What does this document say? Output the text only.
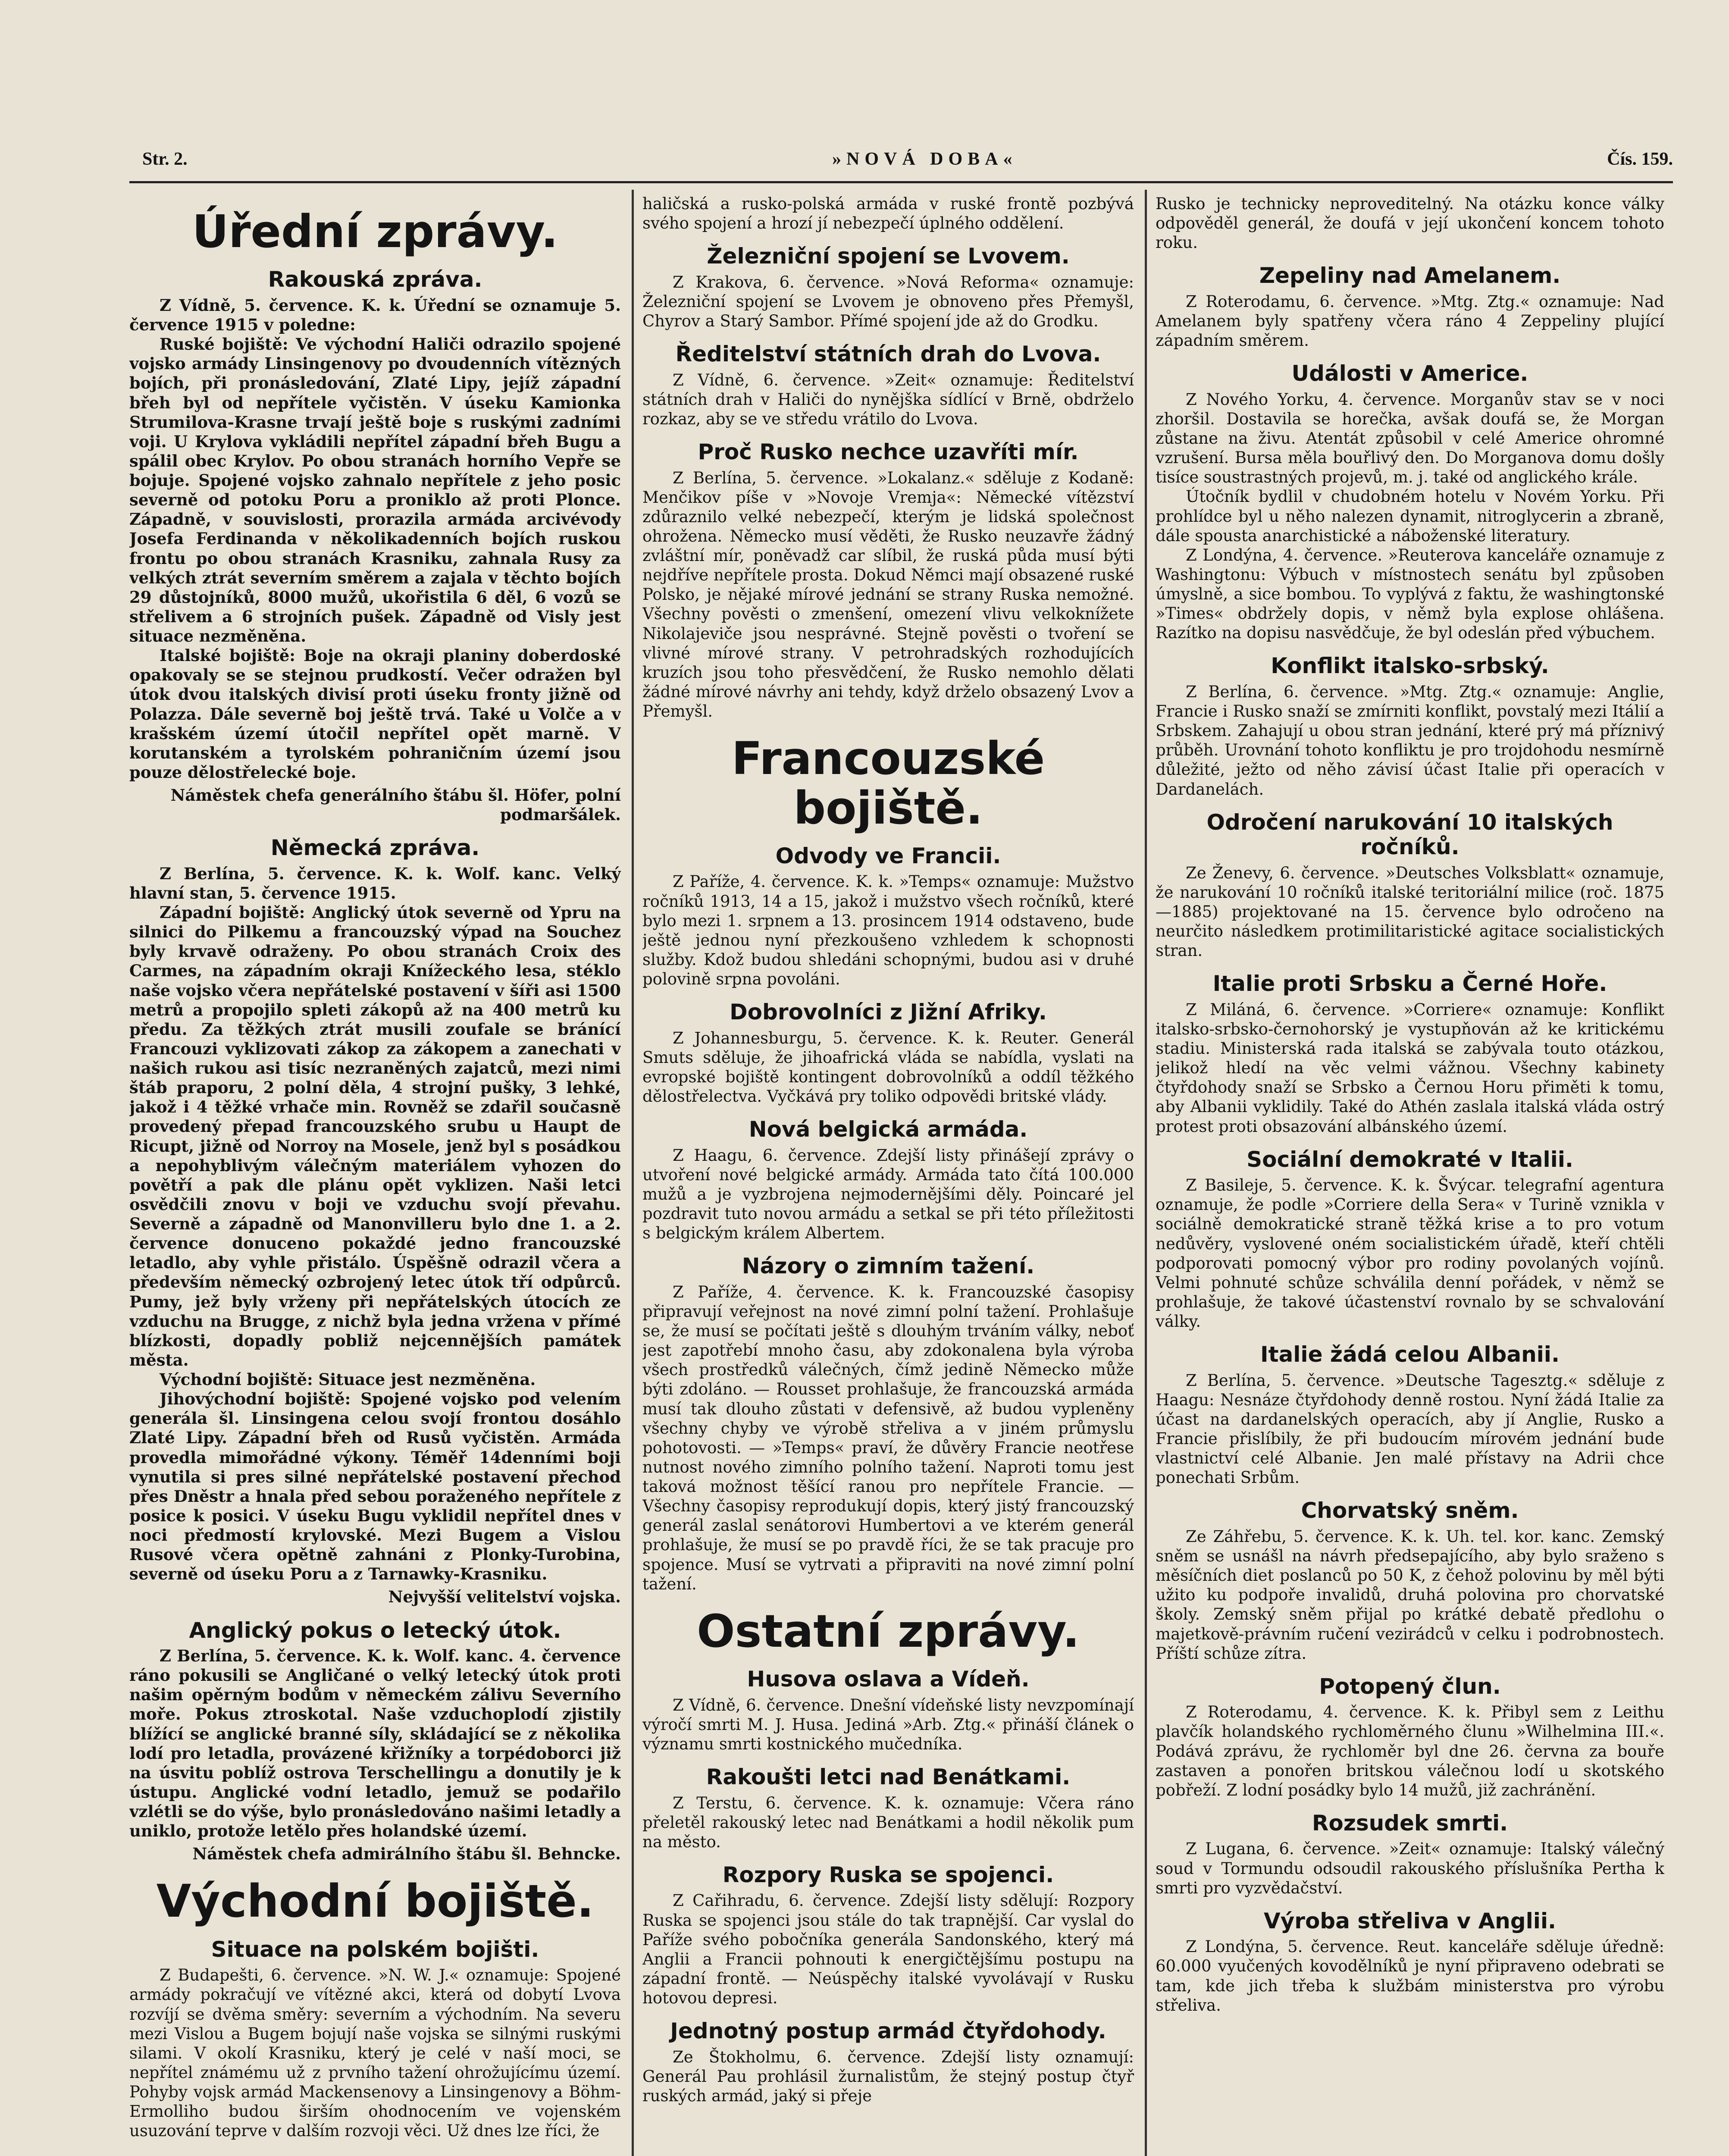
Str. 2.	»NOVÁ DOBA«	Čís. 159.
Úřední zprávy.
Rakouská zpráva.

Z Vídně, 5. července. K. k. Úřední se oznamuje 5. července 1915 v poledne:

Ruské bojiště: Ve východní Haliči odrazilo spojené vojsko armády Linsingenovy po dvoudenních vítězných bojích, při pronásledování, Zlaté Lipy, jejíž západní břeh byl od nepřítele vyčistěn. V úseku Kamionka Strumilova-Krasne trvají ještě boje s ruskými zadními voji. U Krylova vykládili nepřítel západní břeh Bugu a spálil obec Krylov. Po obou stranách horního Vepře se bojuje. Spojené vojsko zahnalo nepřítele z jeho posic severně od potoku Poru a proniklo až proti Plonce. Západně, v souvislosti, prorazila armáda arcivévody Josefa Ferdinanda v několikadenních bojích ruskou frontu po obou stranách Krasniku, zahnala Rusy za velkých ztrát severním směrem a zajala v těchto bojích 29 důstojníků, 8000 mužů, ukořistila 6 děl, 6 vozů se střelivem a 6 strojních pušek. Západně od Visly jest situace nezměněna.

Italské bojiště: Boje na okraji planiny doberdoské opakovaly se se stejnou prudkostí. Večer odražen byl útok dvou italských divisí proti úseku fronty jižně od Polazza. Dále severně boj ještě trvá. Také u Volče a v krašském území útočil nepřítel opět marně. V korutanském a tyrolském pohraničním území jsou pouze dělostřelecké boje.

Náměstek chefa generálního štábu šl. Höfer, polní podmaršálek.
Německá zpráva.

Z Berlína, 5. července. K. k. Wolf. kanc. Velký hlavní stan, 5. července 1915.

Západní bojiště: Anglický útok severně od Ypru na silnici do Pilkemu a francouzský výpad na Souchez byly krvavě odraženy. Po obou stranách Croix des Carmes, na západním okraji Knížeckého lesa, stéklo naše vojsko včera nepřátelské postavení v šíři asi 1500 metrů a propojilo spleti zákopů až na 400 metrů ku předu. Za těžkých ztrát musili zoufale se bránící Francouzi vyklizovati zákop za zákopem a zanechati v našich rukou asi tisíc nezraněných zajatců, mezi nimi štáb praporu, 2 polní děla, 4 strojní pušky, 3 lehké, jakož i 4 těžké vrhače min. Rovněž se zdařil současně provedený přepad francouzského srubu u Haupt de Ricupt, jižně od Norroy na Mosele, jenž byl s posádkou a nepohyblivým válečným materiálem vyhozen do povětří a pak dle plánu opět vyklizen. Naši letci osvědčili znovu v boji ve vzduchu svojí převahu. Severně a západně od Manonvilleru bylo dne 1. a 2. července donuceno pokaždé jedno francouzské letadlo, aby vyhle přistálo. Úspěšně odrazil včera a především německý ozbrojený letec útok tří odpůrců. Pumy, jež byly vrženy při nepřátelských útocích ze vzduchu na Brugge, z nichž byla jedna vržena v přímé blízkosti, dopadly pobliž nejcennějších památek města.

Východní bojiště: Situace jest nezměněna.

Jihovýchodní bojiště: Spojené vojsko pod velením generála šl. Linsingena celou svojí frontou dosáhlo Zlaté Lipy. Západní břeh od Rusů vyčistěn. Armáda provedla mimořádné výkony. Téměř 14denními boji vynutila si pres silné nepřátelské postavení přechod přes Dněstr a hnala před sebou poraženého nepřítele z posice k posici. V úseku Bugu vyklidil nepřítel dnes v noci předmostí krylovské. Mezi Bugem a Vislou Rusové včera opětně zahnáni z Plonky-Turobina, severně od úseku Poru a z Tarnawky-Krasniku.

Nejvyšší velitelství vojska.
Anglický pokus o letecký útok.

Z Berlína, 5. července. K. k. Wolf. kanc. 4. července ráno pokusili se Angličané o velký letecký útok proti našim opěrným bodům v německém zálivu Severního moře. Pokus ztroskotal. Naše vzduchoplodí zjistily blížící se anglické branné síly, skládající se z několika lodí pro letadla, provázené křižníky a torpédoborci již na úsvitu poblíž ostrova Terschellingu a donutily je k ústupu. Anglické vodní letadlo, jemuž se podařilo vzlétli se do výše, bylo pronásledováno našimi letadly a uniklo, protože letělo přes holandské území.

Náměstek chefa admirálního štábu šl. Behncke.
Východní bojiště.
Situace na polském bojišti.

Z Budapešti, 6. července. »N. W. J.« oznamuje: Spojené armády pokračují ve vítězné akci, která od dobytí Lvova rozvíjí se dvěma směry: severním a východním. Na severu mezi Vislou a Bugem bojují naše vojska se silnými ruskými silami. V okolí Krasniku, který je celé v naší moci, se nepřítel známému už z prvního tažení ohrožujícímu území. Pohyby vojsk armád Mackensenovy a Linsingenovy a Böhm-Ermolliho budou širším ohodnocením ve vojenském usuzování teprve v dalším rozvoji věci. Už dnes lze říci, že

haličská a rusko-polská armáda v ruské frontě pozbývá svého spojení a hrozí jí nebezpečí úplného oddělení.

Železniční spojení se Lvovem.

Z Krakova, 6. července. »Nová Reforma« oznamuje: Železniční spojení se Lvovem je obnoveno přes Přemyšl, Chyrov a Starý Sambor. Přímé spojení jde až do Grodku.

Ředitelství státních drah do Lvova.

Z Vídně, 6. července. »Zeit« oznamuje: Ředitelství státních drah v Haliči do nynějška sídlící v Brně, obdrželo rozkaz, aby se ve středu vrátilo do Lvova.

Proč Rusko nechce uzavříti mír.

Z Berlína, 5. července. »Lokalanz.« sděluje z Kodaně: Menčikov píše v »Novoje Vremja«: Německé vítězství zdůraznilo velké nebezpečí, kterým je lidská společnost ohrožena. Německo musí věděti, že Rusko neuzavře žádný zvláštní mír, poněvadž car slíbil, že ruská půda musí býti nejdříve nepřítele prosta. Dokud Němci mají obsazené ruské Polsko, je nějaké mírové jednání se strany Ruska nemožné. Všechny pověsti o zmenšení, omezení vlivu velkoknížete Nikolajeviče jsou nesprávné. Stejně pověsti o tvoření se vlivné mírové strany. V petrohradských rozhodujících kruzích jsou toho přesvědčení, že Rusko nemohlo dělati žádné mírové návrhy ani tehdy, když drželo obsazený Lvov a Přemyšl.

Francouzské bojiště.
Odvody ve Francii.

Z Paříže, 4. července. K. k. »Temps« oznamuje: Mužstvo ročníků 1913, 14 a 15, jakož i mužstvo všech ročníků, které bylo mezi 1. srpnem a 13. prosincem 1914 odstaveno, bude ještě jednou nyní přezkoušeno vzhledem k schopnosti služby. Kdož budou shledáni schopnými, budou asi v druhé polovině srpna povoláni.

Dobrovolníci z Jižní Afriky.

Z Johannesburgu, 5. července. K. k. Reuter. Generál Smuts sděluje, že jihoafrická vláda se nabídla, vyslati na evropské bojiště kontingent dobrovolníků a oddíl těžkého dělostřelectva. Vyčkává pry toliko odpovědi britské vlády.

Nová belgická armáda.

Z Haagu, 6. července. Zdejší listy přinášejí zprávy o utvoření nové belgické armády. Armáda tato čítá 100.000 mužů a je vyzbrojena nejmodernějšími děly. Poincaré jel pozdravit tuto novou armádu a setkal se při této příležitosti s belgickým králem Albertem.

Názory o zimním tažení.

Z Paříže, 4. července. K. k. Francouzské časopisy připravují veřejnost na nové zimní polní tažení. Prohlašuje se, že musí se počítati ještě s dlouhým trváním války, neboť jest zapotřebí mnoho času, aby zdokonalena byla výroba všech prostředků válečných, čímž jedině Německo může býti zdoláno. — Rousset prohlašuje, že francouzská armáda musí tak dlouho zůstati v defensivě, až budou vypleněny všechny chyby ve výrobě střeliva a v jiném průmyslu pohotovosti. — »Temps« praví, že důvěry Francie neotřese nutnost nového zimního polního tažení. Naproti tomu jest taková možnost těšící ranou pro nepřítele Francie. — Všechny časopisy reprodukují dopis, který jistý francouzský generál zaslal senátorovi Humbertovi a ve kterém generál prohlašuje, že musí se po pravdě říci, že se tak pracuje pro spojence. Musí se vytrvati a připraviti na nové zimní polní tažení.

Ostatní zprávy.
Husova oslava a Vídeň.

Z Vídně, 6. července. Dnešní vídeňské listy nevzpomínají výročí smrti M. J. Husa. Jediná »Arb. Ztg.« přináší článek o významu smrti kostnického mučedníka.

Rakoušti letci nad Benátkami.

Z Terstu, 6. července. K. k. oznamuje: Včera ráno přeletěl rakouský letec nad Benátkami a hodil několik pum na město.

Rozpory Ruska se spojenci.

Z Cařihradu, 6. července. Zdejší listy sdělují: Rozpory Ruska se spojenci jsou stále do tak trapnější. Car vyslal do Paříže svého pobočníka generála Sandonského, který má Anglii a Francii pohnouti k energičtějšímu postupu na západní frontě. — Neúspěchy italské vyvolávají v Rusku hotovou depresi.

Jednotný postup armád čtyřdohody.

Ze Štokholmu, 6. července. Zdejší listy oznamují: Generál Pau prohlásil žurnalistům, že stejný postup čtyř ruských armád, jaký si přeje

Rusko je technicky neproveditelný. Na otázku konce války odpověděl generál, že doufá v její ukončení koncem tohoto roku.

Zepeliny nad Amelanem.

Z Roterodamu, 6. července. »Mtg. Ztg.« oznamuje: Nad Amelanem byly spatřeny včera ráno 4 Zeppeliny plující západním směrem.

Události v Americe.

Z Nového Yorku, 4. července. Morganův stav se v noci zhoršil. Dostavila se horečka, avšak doufá se, že Morgan zůstane na živu. Atentát způsobil v celé Americe ohromné vzrušení. Bursa měla bouřlivý den. Do Morganova domu došly tisíce soustrastných projevů, m. j. také od anglického krále.

Útočník bydlil v chudobném hotelu v Novém Yorku. Při prohlídce byl u něho nalezen dynamit, nitroglycerin a zbraně, dále spousta anarchistické a náboženské literatury.

Z Londýna, 4. července. »Reuterova kanceláře oznamuje z Washingtonu: Výbuch v místnostech senátu byl způsoben úmyslně, a sice bombou. To vyplývá z faktu, že washingtonské »Times« obdržely dopis, v němž byla explose ohlášena. Razítko na dopisu nasvědčuje, že byl odeslán před výbuchem.

Konflikt italsko-srbský.

Z Berlína, 6. července. »Mtg. Ztg.« oznamuje: Anglie, Francie i Rusko snaží se zmírniti konflikt, povstalý mezi Itálií a Srbskem. Zahajují u obou stran jednání, které prý má příznivý průběh. Urovnání tohoto konfliktu je pro trojdohodu nesmírně důležité, ježto od něho závisí účast Italie při operacích v Dardanelách.

Odročení narukování 10 italských ročníků.

Ze Ženevy, 6. července. »Deutsches Volksblatt« oznamuje, že narukování 10 ročníků italské teritoriální milice (roč. 1875—1885) projektované na 15. července bylo odročeno na neurčito následkem protimilitaristické agitace socialistických stran.

Italie proti Srbsku a Černé Hoře.

Z Miláná, 6. července. »Corriere« oznamuje: Konflikt italsko-srbsko-černohorský je vystupňován až ke kritickému stadiu. Ministerská rada italská se zabývala touto otázkou, jelikož hledí na věc velmi vážnou. Všechny kabinety čtyřdohody snaží se Srbsko a Černou Horu přiměti k tomu, aby Albanii vyklidily. Také do Athén zaslala italská vláda ostrý protest proti obsazování albánského území.

Sociální demokraté v Italii.

Z Basileje, 5. července. K. k. Švýcar. telegrafní agentura oznamuje, že podle »Corriere della Sera« v Turině vznikla v sociálně demokratické straně těžká krise a to pro votum nedůvěry, vyslovené oném socialistickém úřadě, kteří chtěli podporovati pomocný výbor pro rodiny povolaných vojínů. Velmi pohnuté schůze schválila denní pořádek, v němž se prohlašuje, že takové účastenství rovnalo by se schvalování války.

Italie žádá celou Albanii.

Z Berlína, 5. července. »Deutsche Tagesztg.« sděluje z Haagu: Nesnáze čtyřdohody denně rostou. Nyní žádá Italie za účast na dardanelských operacích, aby jí Anglie, Rusko a Francie přislíbily, že při budoucím mírovém jednání bude vlastnictví celé Albanie. Jen malé přístavy na Adrii chce ponechati Srbům.

Chorvatský sněm.

Ze Záhřebu, 5. července. K. k. Uh. tel. kor. kanc. Zemský sněm se usnášl na návrh předsepajícího, aby bylo sraženo s měsíčních diet poslanců po 50 K, z čehož polovinu by měl býti užito ku podpoře invalidů, druhá polovina pro chorvatské školy. Zemský sněm přijal po krátké debatě předlohu o majetkově-právním ručení vezirádců v celku i podrobnostech. Příští schůze zítra.

Potopený člun.

Z Roterodamu, 4. července. K. k. Přibyl sem z Leithu plavčík holandského rychloměrného člunu »Wilhelmina III.«. Podává zprávu, že rychloměr byl dne 26. června za bouře zastaven a ponořen britskou válečnou lodí u skotského pobřeží. Z lodní posádky bylo 14 mužů, již zachránění.

Rozsudek smrti.

Z Lugana, 6. července. »Zeit« oznamuje: Italský válečný soud v Tormundu odsoudil rakouského příslušníka Pertha k smrti pro vyzvědačství.

Výroba střeliva v Anglii.

Z Londýna, 5. července. Reut. kanceláře sděluje úředně: 60.000 vyučených kovodělníků je nyní připraveno odebrati se tam, kde jich třeba k službám ministerstva pro výrobu střeliva.
